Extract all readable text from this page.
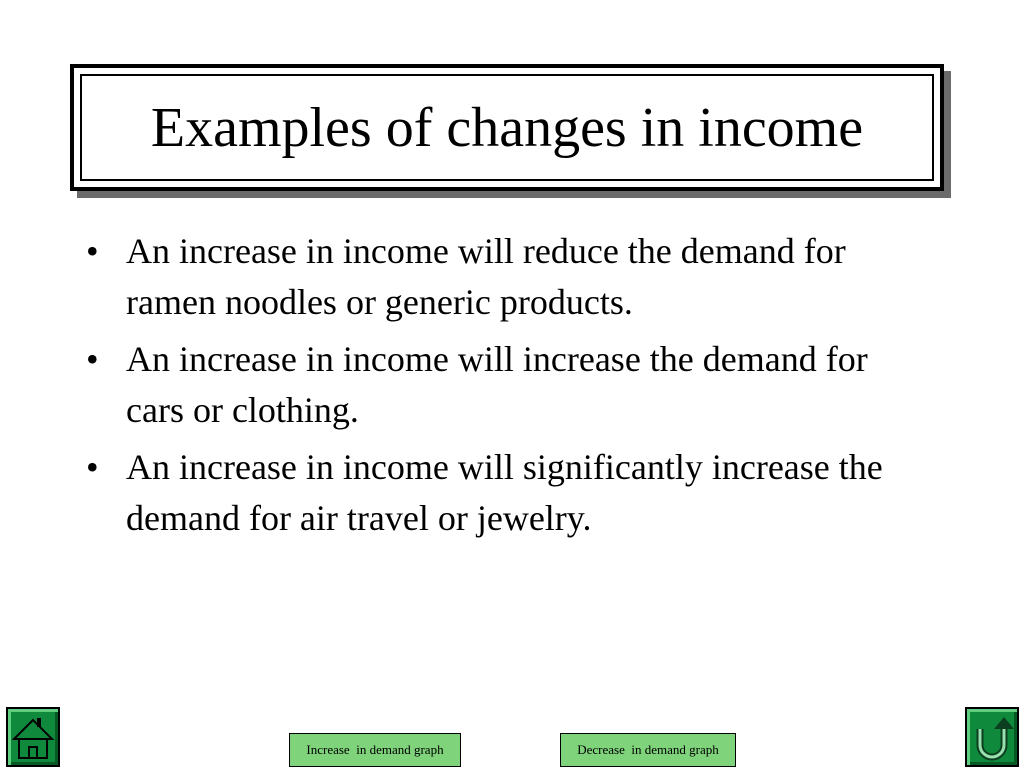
Examples of changes in income
• An increase in income will reduce the demand for ramen noodles or generic products.
• An increase in income will increase the demand for cars or clothing.
• An increase in income will significantly increase the demand for air travel or jewelry.
Increase  in demand graph	Decrease  in demand graph
